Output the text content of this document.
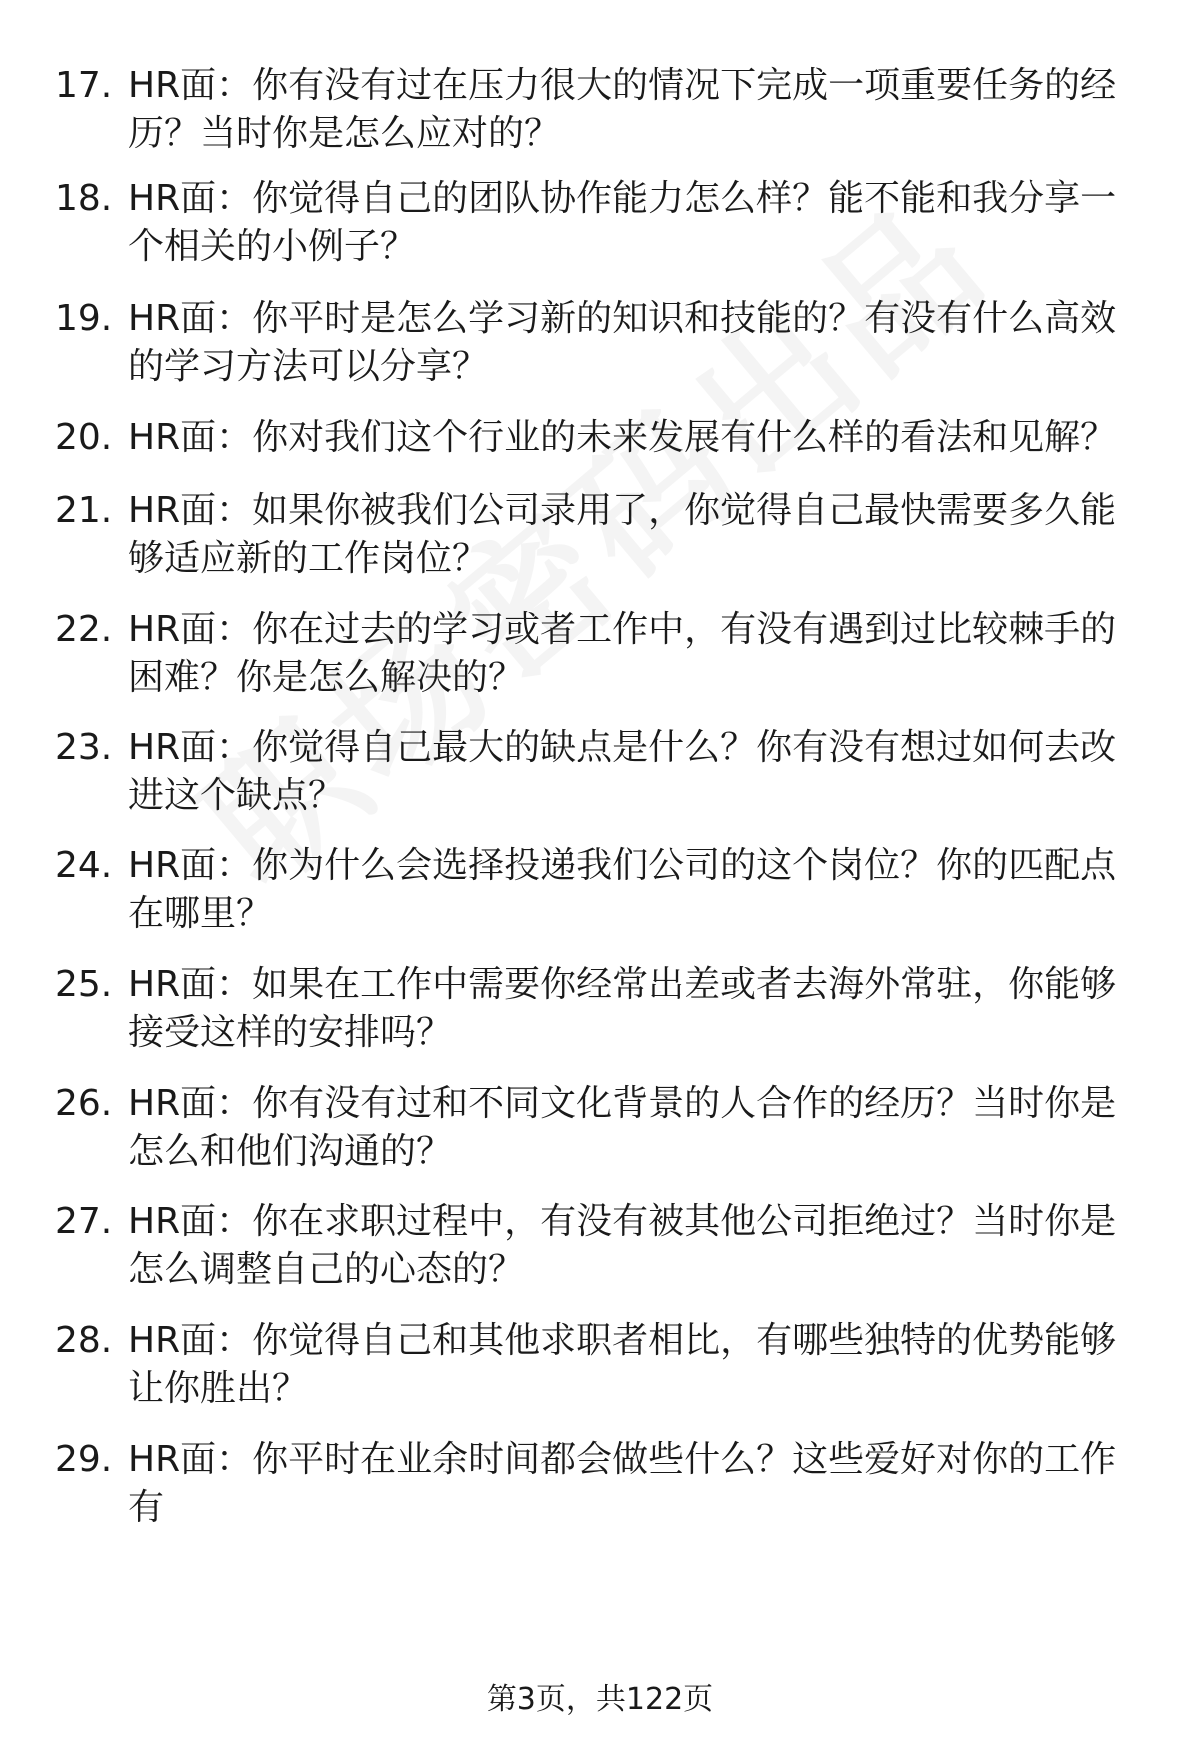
17. HR面：你有没有过在压力很大的情况下完成一项重要任务的经历？当时你是怎么应对的？
18. HR面：你觉得自己的团队协作能力怎么样？能不能和我分享一个相关的小例子？
19. HR面：你平时是怎么学习新的知识和技能的？有没有什么高效的学习方法可以分享？
20. HR面：你对我们这个行业的未来发展有什么样的看法和见解？
21. HR面：如果你被我们公司录用了，你觉得自己最快需要多久能够适应新的工作岗位？
22. HR面：你在过去的学习或者工作中，有没有遇到过比较棘手的困难？你是怎么解决的？
23. HR面：你觉得自己最大的缺点是什么？你有没有想过如何去改进这个缺点？
24. HR面：你为什么会选择投递我们公司的这个岗位？你的匹配点在哪里？
25. HR面：如果在工作中需要你经常出差或者去海外常驻，你能够接受这样的安排吗？
26. HR面：你有没有过和不同文化背景的人合作的经历？当时你是怎么和他们沟通的？
27. HR面：你在求职过程中，有没有被其他公司拒绝过？当时你是怎么调整自己的心态的？
28. HR面：你觉得自己和其他求职者相比，有哪些独特的优势能够让你胜出？
29. HR面：你平时在业余时间都会做些什么？这些爱好对你的工作有
第3页，共122页
